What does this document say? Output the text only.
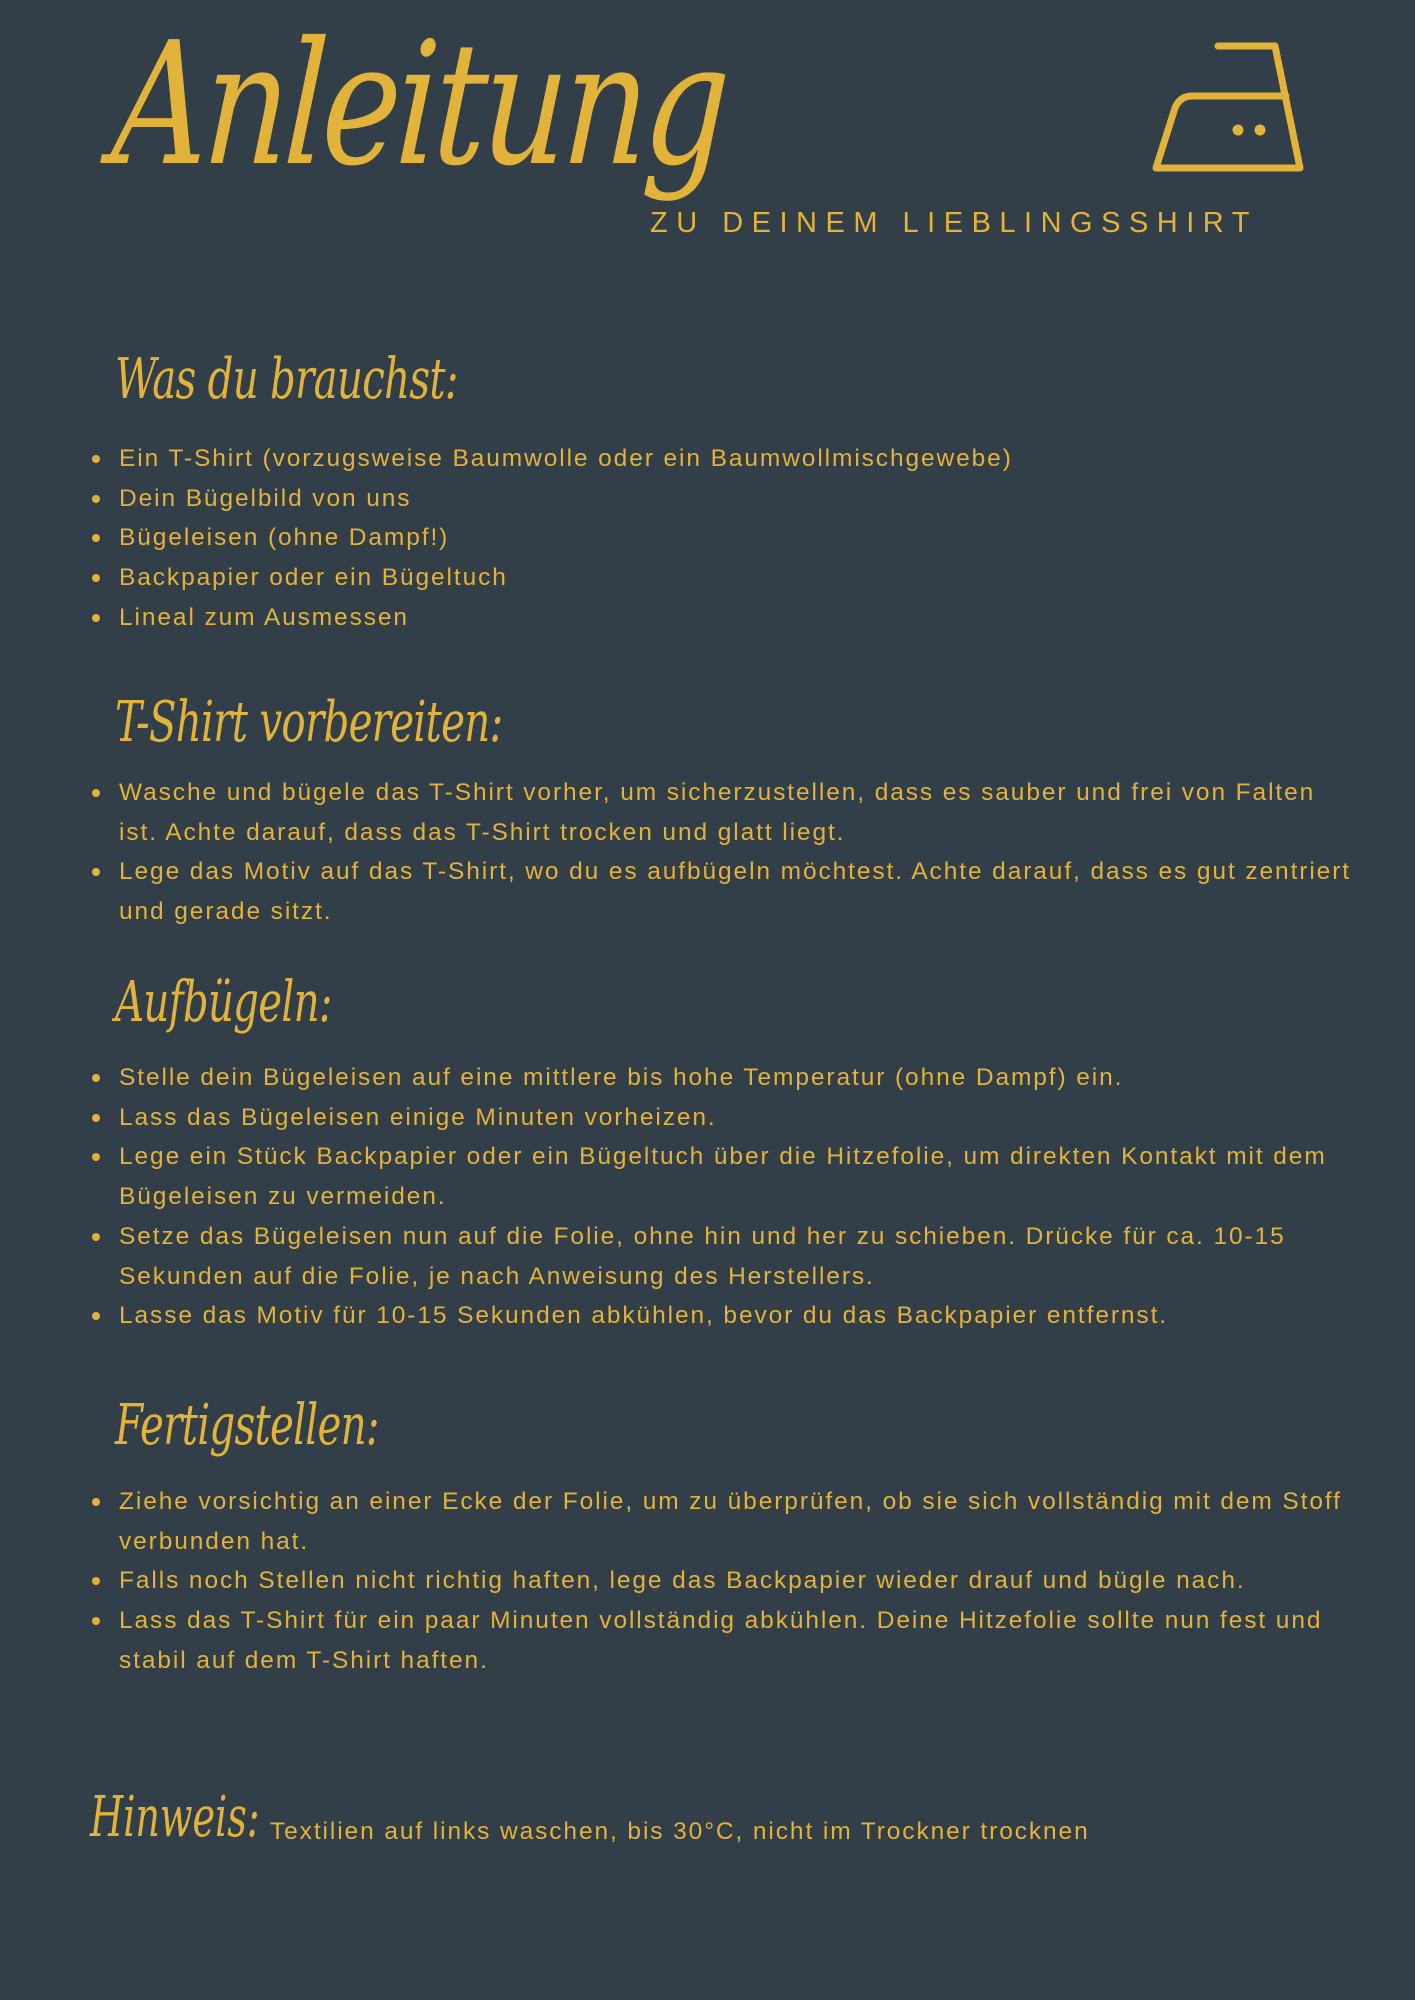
Anleitung
ZU DEINEM LIEBLINGSSHIRT
Was du brauchst:
Ein T-Shirt (vorzugsweise Baumwolle oder ein Baumwollmischgewebe)
Dein Bügelbild von uns
Bügeleisen (ohne Dampf!)
Backpapier oder ein Bügeltuch
Lineal zum Ausmessen
T-Shirt vorbereiten:
Wasche und bügele das T-Shirt vorher, um sicherzustellen, dass es sauber und frei von Falten ist. Achte darauf, dass das T-Shirt trocken und glatt liegt.
Lege das Motiv auf das T-Shirt, wo du es aufbügeln möchtest. Achte darauf, dass es gut zentriert und gerade sitzt.
Aufbügeln:
Stelle dein Bügeleisen auf eine mittlere bis hohe Temperatur (ohne Dampf) ein.
Lass das Bügeleisen einige Minuten vorheizen.
Lege ein Stück Backpapier oder ein Bügeltuch über die Hitzefolie, um direkten Kontakt mit dem Bügeleisen zu vermeiden.
Setze das Bügeleisen nun auf die Folie, ohne hin und her zu schieben. Drücke für ca. 10-15 Sekunden auf die Folie, je nach Anweisung des Herstellers.
Lasse das Motiv für 10-15 Sekunden abkühlen, bevor du das Backpapier entfernst.
Fertigstellen:
Ziehe vorsichtig an einer Ecke der Folie, um zu überprüfen, ob sie sich vollständig mit dem Stoff verbunden hat.
Falls noch Stellen nicht richtig haften, lege das Backpapier wieder drauf und bügle nach.
Lass das T-Shirt für ein paar Minuten vollständig abkühlen. Deine Hitzefolie sollte nun fest und stabil auf dem T-Shirt haften.
Hinweis: Textilien auf links waschen, bis 30°C, nicht im Trockner trocknen
